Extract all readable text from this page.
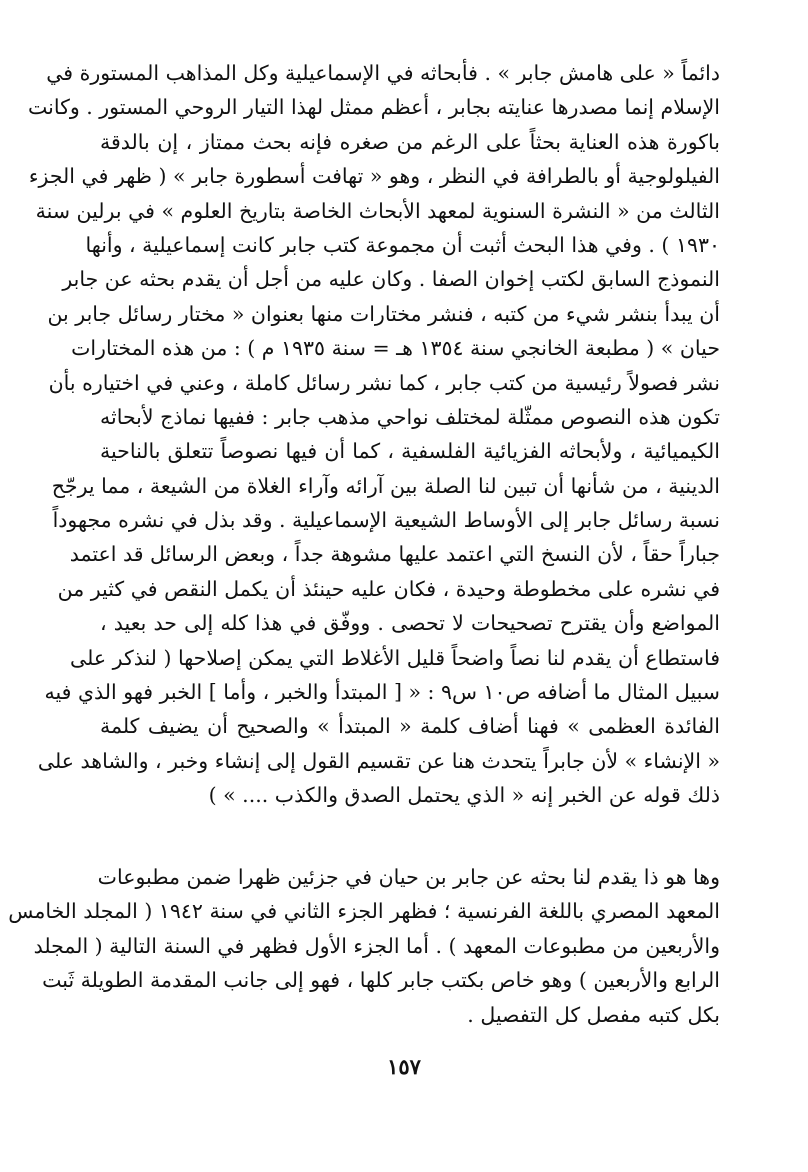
دائماً « على هامش جابر » . فأبحاثه في الإسماعيلية وكل المذاهب المستورة في
الإسلام إنما مصدرها عنايته بجابر ، أعظم ممثل لهذا التيار الروحي المستور . وكانت
باكورة هذه العناية بحثاً على الرغم من صغره فإنه بحث ممتاز ، إن بالدقة
الفيلولوجية أو بالطرافة في النظر ، وهو « تهافت أسطورة جابر » ( ظهر في الجزء
الثالث من « النشرة السنوية لمعهد الأبحاث الخاصة بتاريخ العلوم » في برلين سنة
١٩٣٠ ) . وفي هذا البحث أثبت أن مجموعة كتب جابر كانت إسماعيلية ، وأنها
النموذج السابق لكتب إخوان الصفا . وكان عليه من أجل أن يقدم بحثه عن جابر
أن يبدأ بنشر شيء من كتبه ، فنشر مختارات منها بعنوان « مختار رسائل جابر بن
حيان » ( مطبعة الخانجي سنة ١٣٥٤ هـ = سنة ١٩٣٥ م ) : من هذه المختارات
نشر فصولاً رئيسية من كتب جابر ، كما نشر رسائل كاملة ، وعني في اختياره بأن
تكون هذه النصوص ممثّلة لمختلف نواحي مذهب جابر : ففيها نماذج لأبحاثه
الكيميائية ، ولأبحاثه الفزيائية الفلسفية ، كما أن فيها نصوصاً تتعلق بالناحية
الدينية ، من شأنها أن تبين لنا الصلة بين آرائه وآراء الغلاة من الشيعة ، مما يرجّح
نسبة رسائل جابر إلى الأوساط الشيعية الإسماعيلية . وقد بذل في نشره مجهوداً
جباراً حقاً ، لأن النسخ التي اعتمد عليها مشوهة جداً ، وبعض الرسائل قد اعتمد
في نشره على مخطوطة وحيدة ، فكان عليه حينئذ أن يكمل النقص في كثير من
المواضع وأن يقترح تصحيحات لا تحصى . ووفّق في هذا كله إلى حد بعيد ،
فاستطاع أن يقدم لنا نصاً واضحاً قليل الأغلاط التي يمكن إصلاحها ( لنذكر على
سبيل المثال ما أضافه ص١٠ س٩ : « [ المبتدأ والخبر ، وأما ] الخبر فهو الذي فيه
الفائدة العظمى » فهنا أضاف كلمة « المبتدأ » والصحيح أن يضيف كلمة
« الإنشاء » لأن جابراً يتحدث هنا عن تقسيم القول إلى إنشاء وخبر ، والشاهد على
ذلك قوله عن الخبر إنه « الذي يحتمل الصدق والكذب .... » )
وها هو ذا يقدم لنا بحثه عن جابر بن حيان في جزئين ظهرا ضمن مطبوعات
المعهد المصري باللغة الفرنسية ؛ فظهر الجزء الثاني في سنة ١٩٤٢ ( المجلد الخامس
والأربعين من مطبوعات المعهد ) . أما الجزء الأول فظهر في السنة التالية ( المجلد
الرابع والأربعين ) وهو خاص بكتب جابر كلها ، فهو إلى جانب المقدمة الطويلة ثَبت
بكل كتبه مفصل كل التفصيل .
١٥٧
